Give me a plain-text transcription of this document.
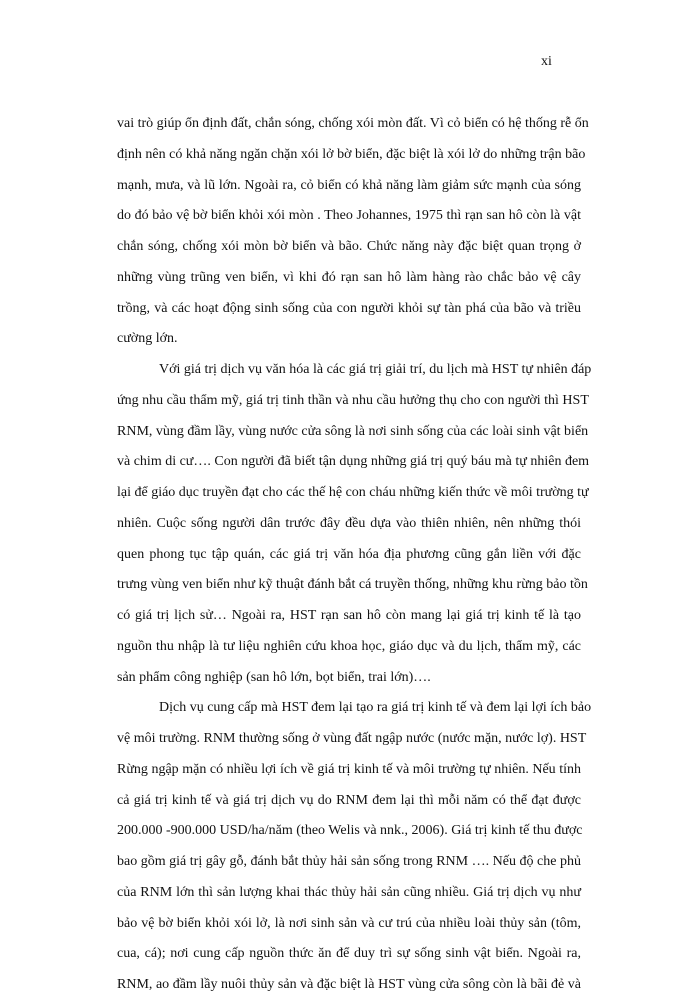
xi
vai trò giúp ổn định đất, chắn sóng, chống xói mòn đất. Vì cỏ biển có hệ thống rễ ổn
định nên có khả năng ngăn chặn xói lở bờ biển, đặc biệt là xói lở do những trận bão
mạnh, mưa, và lũ lớn. Ngoài ra, cỏ biển có khả năng làm giảm sức mạnh của sóng
do đó bảo vệ bờ biển khỏi xói mòn . Theo Johannes, 1975 thì rạn san hô còn là vật
chắn sóng, chống xói mòn bờ biển và bão. Chức năng này đặc biệt quan trọng ở
những vùng trũng ven biển, vì khi đó rạn san hô làm hàng rào chắc bảo vệ cây
trồng, và các hoạt động sinh sống của con người khỏi sự tàn phá của bão và triều
cường lớn.
Với giá trị dịch vụ văn hóa là các giá trị giải trí, du lịch mà HST tự nhiên đáp
ứng nhu cầu thẩm mỹ, giá trị tinh thần và nhu cầu hưởng thụ cho con người thì HST
RNM, vùng đầm lầy, vùng nước cửa sông là nơi sinh sống của các loài sinh vật biển
và chim di cư…. Con người đã biết tận dụng những giá trị quý báu mà tự nhiên đem
lại để giáo dục truyền đạt cho các thế hệ con cháu những kiến thức về môi trường tự
nhiên. Cuộc sống người dân trước đây đều dựa vào thiên nhiên, nên những thói
quen phong tục tập quán, các giá trị văn hóa địa phương cũng gắn liền với đặc
trưng vùng ven biển như kỹ thuật đánh bắt cá truyền thống, những khu rừng bảo tồn
có giá trị lịch sử… Ngoài ra, HST rạn san hô còn mang lại giá trị kinh tế là tạo
nguồn thu nhập là tư liệu nghiên cứu khoa học, giáo dục và du lịch, thẩm mỹ, các
sản phẩm công nghiệp (san hô lớn, bọt biển, trai lớn)….
Dịch vụ cung cấp mà HST đem lại tạo ra giá trị kinh tế và đem lại lợi ích bảo
vệ môi trường. RNM thường sống ở vùng đất ngập nước (nước mặn, nước lợ). HST
Rừng ngập mặn có nhiều lợi ích về giá trị kinh tế và môi trường tự nhiên. Nếu tính
cả giá trị kinh tế và giá trị dịch vụ do RNM đem lại thì mỗi năm có thể đạt được
200.000 -900.000 USD/ha/năm (theo Welis và nnk., 2006). Giá trị kinh tế thu được
bao gồm giá trị gây gỗ, đánh bắt thủy hải sản sống trong RNM …. Nếu độ che phủ
của RNM lớn thì sản lượng khai thác thủy hải sản cũng nhiều. Giá trị dịch vụ như
bảo vệ bờ biển khỏi xói lở, là nơi sinh sản và cư trú của nhiều loài thủy sản (tôm,
cua, cá); nơi cung cấp nguồn thức ăn để duy trì sự sống sinh vật biển. Ngoài ra,
RNM, ao đầm lầy nuôi thủy sản và đặc biệt là HST vùng cửa sông còn là bãi đẻ và
